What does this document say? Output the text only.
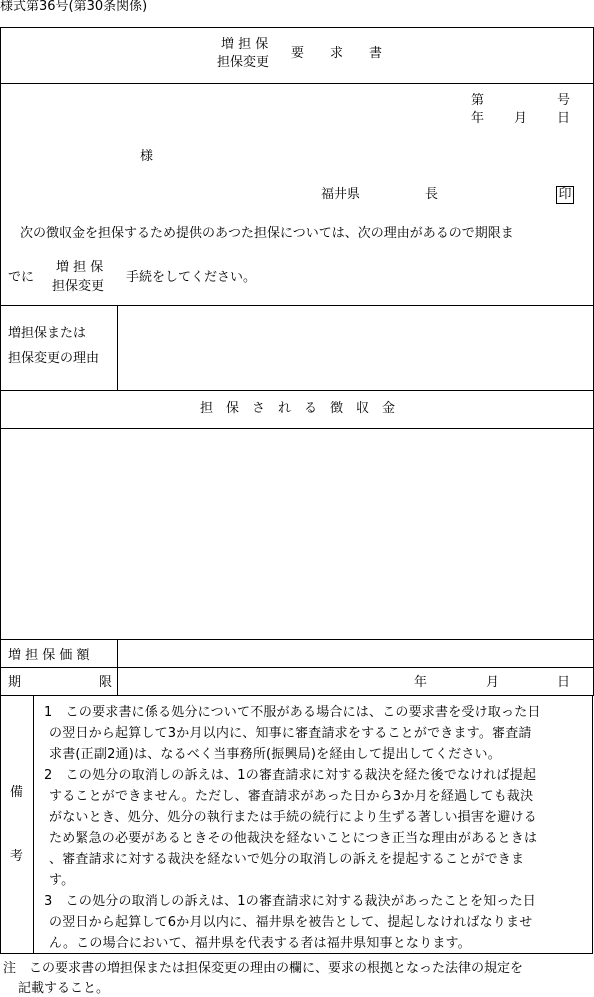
様式第36号(第30条関係)
増 担 保
担保変更
要　　求　　書
第	号
年 月 日
様
福井県	長	印
次の徴収金を担保するため提供のあつた担保については、次の理由があるので期限ま
でに
増 担 保
担保変更
手続をしてください。
増担保または
担保変更の理由
担　保　さ　れ　る　徴　収　金
増 担 保 価 額
期	限	年	月	日
備
考
1　この要求書に係る処分について不服がある場合には、この要求書を受け取った日
の翌日から起算して3か月以内に、知事に審査請求をすることができます。審査請
求書(正副2通)は、なるべく当事務所(振興局)を経由して提出してください。
2　この処分の取消しの訴えは、1の審査請求に対する裁決を経た後でなければ提起
することができません。ただし、審査請求があった日から3か月を経過しても裁決
がないとき、処分、処分の執行または手続の続行により生ずる著しい損害を避ける
ため緊急の必要があるときその他裁決を経ないことにつき正当な理由があるときは
、審査請求に対する裁決を経ないで処分の取消しの訴えを提起することができま
す。
3　この処分の取消しの訴えは、1の審査請求に対する裁決があったことを知った日
の翌日から起算して6か月以内に、福井県を被告として、提起しなければなりませ
ん。この場合において、福井県を代表する者は福井県知事となります。
注　この要求書の増担保または担保変更の理由の欄に、要求の根拠となった法律の規定を
記載すること。
